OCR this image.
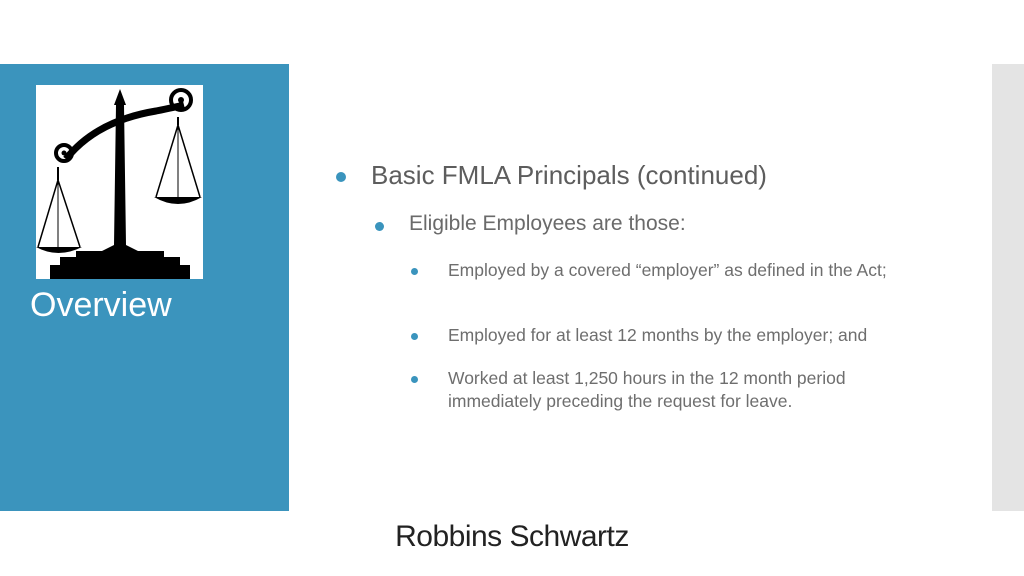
Overview
Basic FMLA Principals (continued)
Eligible Employees are those:
Employed by a covered “employer” as defined in the Act;
Employed for at least 12 months by the employer; and
Worked at least 1,250 hours in the 12 month period immediately preceding the request for leave.
Robbins Schwartz
